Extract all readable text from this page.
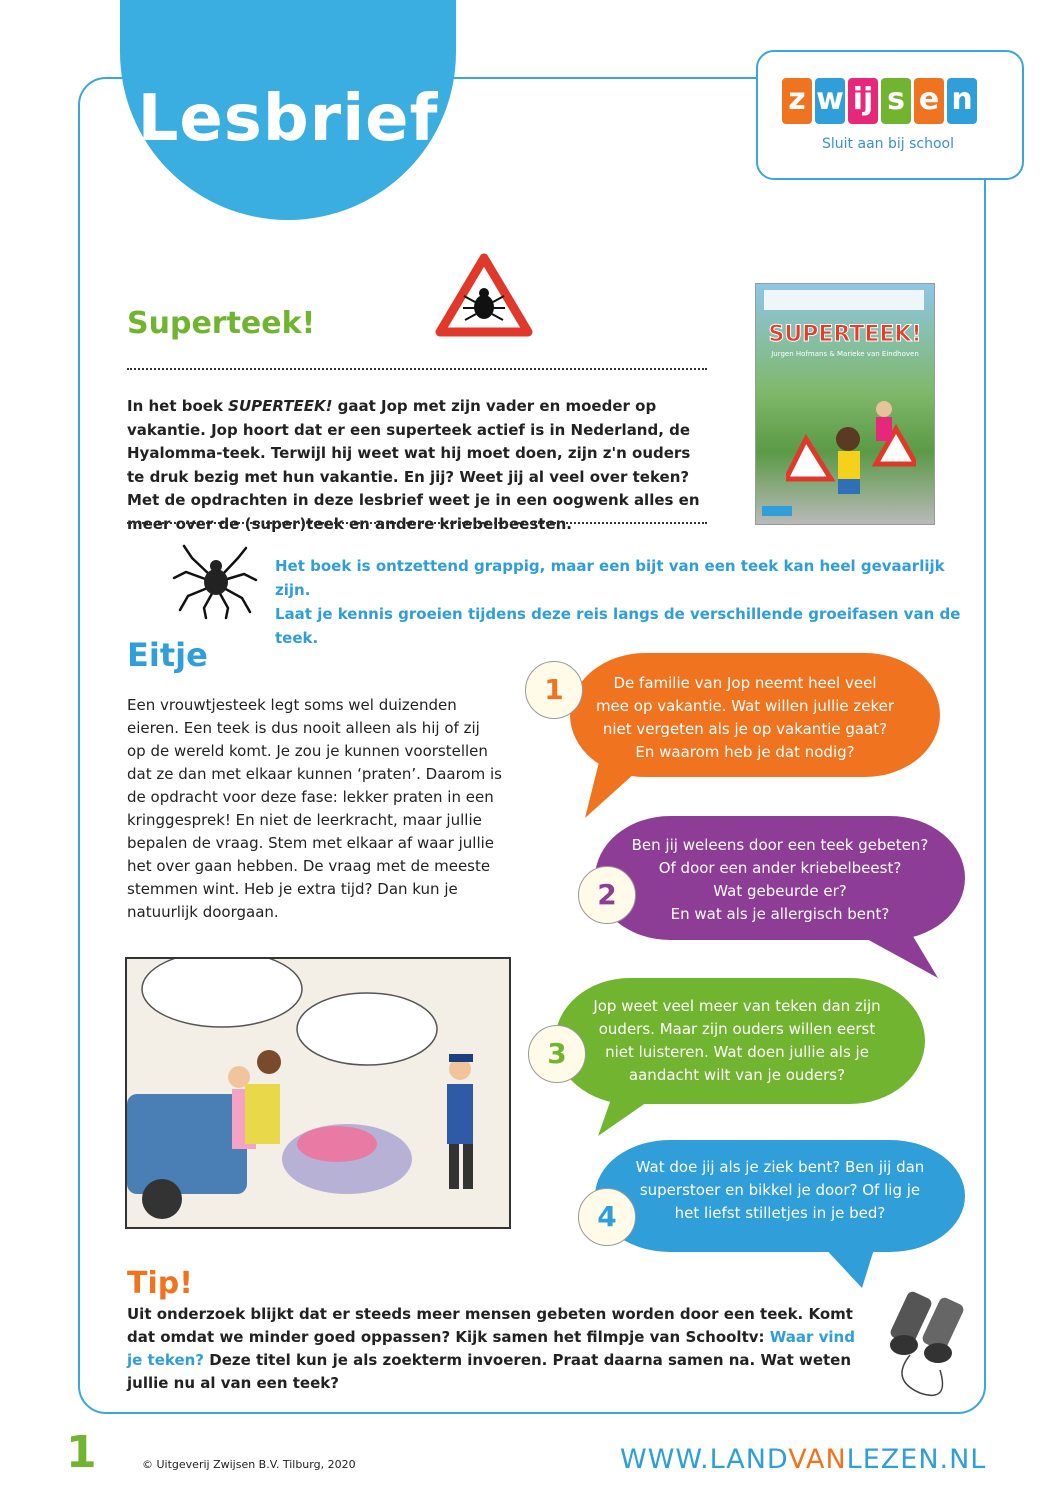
Lesbrief	z w ij s e n
Sluit aan bij school
Superteek!
In het boek SUPERTEEK! gaat Jop met zijn vader en moeder op vakantie. Jop hoort dat er een superteek actief is in Nederland, de Hyalomma-teek. Terwijl hij weet wat hij moet doen, zijn z'n ouders te druk bezig met hun vakantie. En jij? Weet jij al veel over teken? Met de opdrachten in deze lesbrief weet je in een oogwenk alles en meer over de (super)teek en andere kriebelbeesten.
SUPERTEEK!
Jurgen Hofmans & Marieke van Eindhoven
Het boek is ontzettend grappig, maar een bijt van een teek kan heel gevaarlijk zijn.
Laat je kennis groeien tijdens deze reis langs de verschillende groeifasen van de teek.
Eitje
Een vrouwtjesteek legt soms wel duizenden eieren. Een teek is dus nooit alleen als hij of zij op de wereld komt. Je zou je kunnen voorstellen dat ze dan met elkaar kunnen ‘praten’. Daarom is de opdracht voor deze fase: lekker praten in een kringgesprek! En niet de leerkracht, maar jullie bepalen de vraag. Stem met elkaar af waar jullie het over gaan hebben. De vraag met de meeste stemmen wint. Heb je extra tijd? Dan kun je natuurlijk doorgaan.
1	De familie van Jop neemt heel veel
mee op vakantie. Wat willen jullie zeker
niet vergeten als je op vakantie gaat?
En waarom heb je dat nodig?
2
Ben jij weleens door een teek gebeten?
Of door een ander kriebelbeest?
Wat gebeurde er?
En wat als je allergisch bent?
3
Jop weet veel meer van teken dan zijn
ouders. Maar zijn ouders willen eerst
niet luisteren. Wat doen jullie als je
aandacht wilt van je ouders?
4
Wat doe jij als je ziek bent? Ben jij dan
superstoer en bikkel je door? Of lig je
het liefst stilletjes in je bed?
Tip!
Uit onderzoek blijkt dat er steeds meer mensen gebeten worden door een teek. Komt dat omdat we minder goed oppassen? Kijk samen het filmpje van Schooltv: Waar vind je teken? Deze titel kun je als zoekterm invoeren. Praat daarna samen na. Wat weten jullie nu al van een teek?
1	© Uitgeverij Zwijsen B.V. Tilburg, 2020	WWW.LANDVANLEZEN.NL
